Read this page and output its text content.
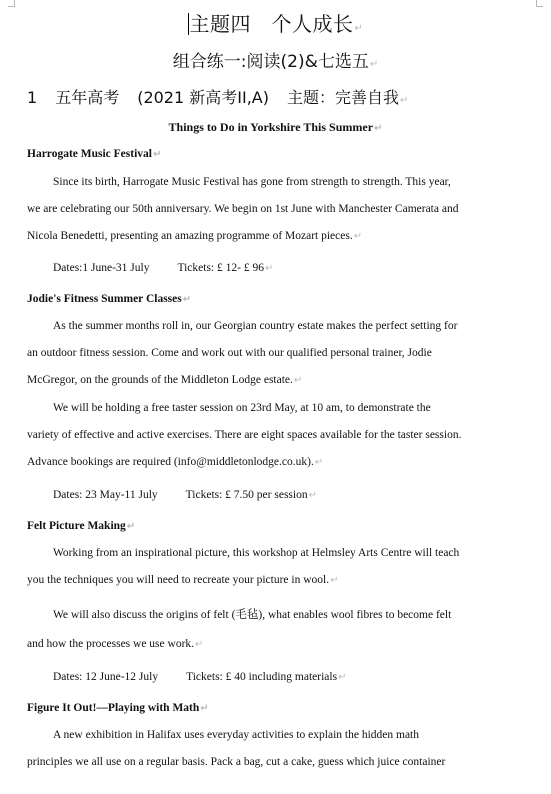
主题四　个人成长↵
组合练一:阅读(2)&七选五↵
1 五年高考 (2021 新高考II,A) 主题：完善自我↵
Things to Do in Yorkshire This Summer↵
Harrogate Music Festival↵
Since its birth, Harrogate Music Festival has gone from strength to strength. This year,
we are celebrating our 50th anniversary. We begin on 1st June with Manchester Camerata and
Nicola Benedetti, presenting an amazing programme of Mozart pieces.↵
Dates:1 June-31 July Tickets: £ 12- £ 96↵
Jodie's Fitness Summer Classes↵
As the summer months roll in, our Georgian country estate makes the perfect setting for
an outdoor fitness session. Come and work out with our qualified personal trainer, Jodie
McGregor, on the grounds of the Middleton Lodge estate.↵
We will be holding a free taster session on 23rd May, at 10 am, to demonstrate the
variety of effective and active exercises. There are eight spaces available for the taster session.
Advance bookings are required (info@middletonlodge.co.uk).↵
Dates: 23 May-11 July Tickets: £ 7.50 per session↵
Felt Picture Making↵
Working from an inspirational picture, this workshop at Helmsley Arts Centre will teach
you the techniques you will need to recreate your picture in wool.↵
We will also discuss the origins of felt (毛毡), what enables wool fibres to become felt
and how the processes we use work.↵
Dates: 12 June-12 July Tickets: £ 40 including materials↵
Figure It Out!—Playing with Math↵
A new exhibition in Halifax uses everyday activities to explain the hidden math
principles we all use on a regular basis. Pack a bag, cut a cake, guess which juice container
